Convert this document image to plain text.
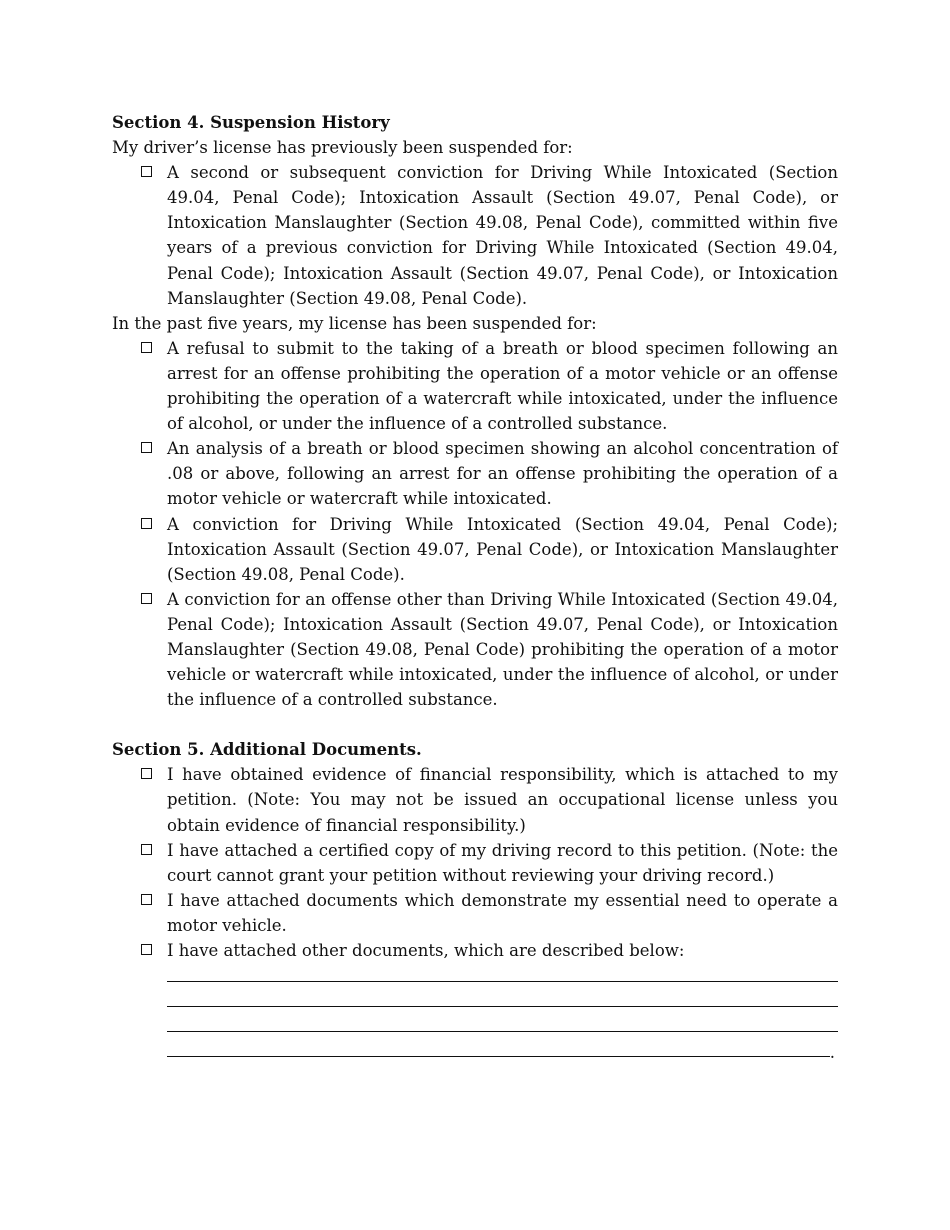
Section 4. Suspension History

My driver’s license has previously been suspended for:

A second or subsequent conviction for Driving While Intoxicated (Section 49.04, Penal Code); Intoxication Assault (Section 49.07, Penal Code), or Intoxication Manslaughter (Section 49.08, Penal Code), committed within five years of a previous conviction for Driving While Intoxicated (Section 49.04, Penal Code); Intoxication Assault (Section 49.07, Penal Code), or Intoxication Manslaughter (Section 49.08, Penal Code).

In the past five years, my license has been suspended for:

A refusal to submit to the taking of a breath or blood specimen following an arrest for an offense prohibiting the operation of a motor vehicle or an offense prohibiting the operation of a watercraft while intoxicated, under the influence of alcohol, or under the influence of a controlled substance.
An analysis of a breath or blood specimen showing an alcohol concentration of .08 or above, following an arrest for an offense prohibiting the operation of a motor vehicle or watercraft while intoxicated.
A conviction for Driving While Intoxicated (Section 49.04, Penal Code); Intoxication Assault (Section 49.07, Penal Code), or Intoxication Manslaughter (Section 49.08, Penal Code).
A conviction for an offense other than Driving While Intoxicated (Section 49.04, Penal Code); Intoxication Assault (Section 49.07, Penal Code), or Intoxication Manslaughter (Section 49.08, Penal Code) prohibiting the operation of a motor vehicle or watercraft while intoxicated, under the influence of alcohol, or under the influence of a controlled substance.
Section 5. Additional Documents.
I have obtained evidence of financial responsibility, which is attached to my petition. (Note: You may not be issued an occupational license unless you obtain evidence of financial responsibility.)
I have attached a certified copy of my driving record to this petition. (Note: the court cannot grant your petition without reviewing your driving record.)
I have attached documents which demonstrate my essential need to operate a motor vehicle.
I have attached other documents, which are described below:
.
